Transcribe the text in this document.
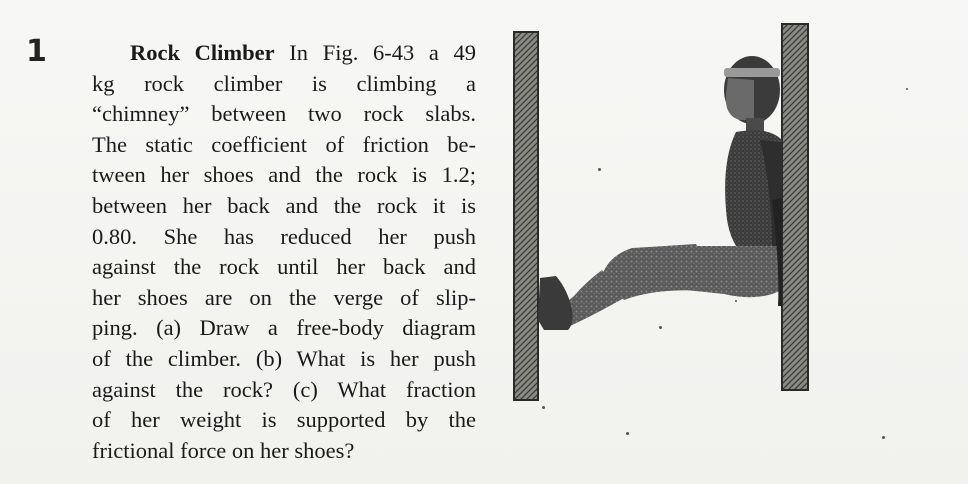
1	Rock Climber In Fig. 6-43 a 49
kg rock climber is climbing a
“chimney” between two rock slabs.
The static coefficient of friction be-
tween her shoes and the rock is 1.2;
between her back and the rock it is
0.80. She has reduced her push
against the rock until her back and
her shoes are on the verge of slip-
ping. (a) Draw a free-body diagram
of the climber. (b) What is her push
against the rock? (c) What fraction
of her weight is supported by the
frictional force on her shoes?
